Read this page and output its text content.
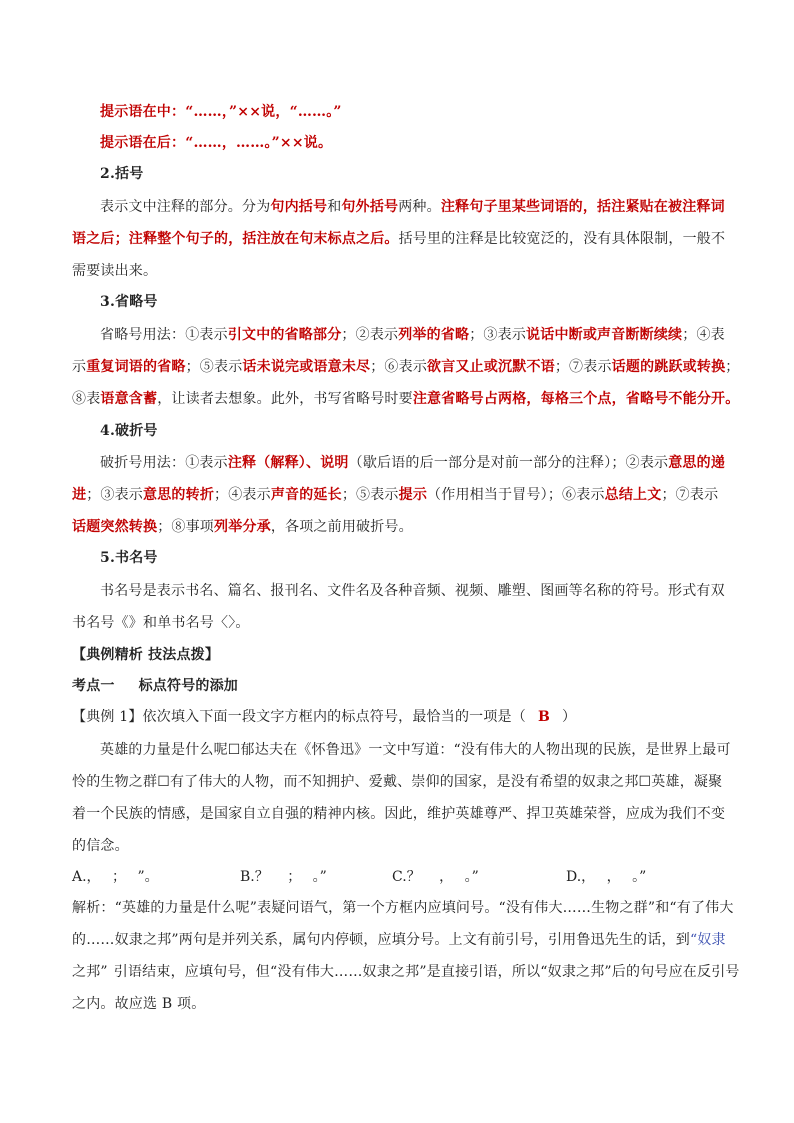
提示语在中：“……，”××说，“……。”
提示语在后：“……，……。”××说。
2.括号
表示文中注释的部分。分为句内括号和句外括号两种。注释句子里某些词语的，括注紧贴在被注释词
语之后；注释整个句子的，括注放在句末标点之后。括号里的注释是比较宽泛的，没有具体限制，一般不
需要读出来。
3.省略号
省略号用法：①表示引文中的省略部分；②表示列举的省略；③表示说话中断或声音断断续续；④表
示重复词语的省略；⑤表示话未说完或语意未尽；⑥表示欲言又止或沉默不语；⑦表示话题的跳跃或转换；
⑧表语意含蓄，让读者去想象。此外，书写省略号时要注意省略号占两格，每格三个点，省略号不能分开。
4.破折号
破折号用法：①表示注释（解释）、说明（歇后语的后一部分是对前一部分的注释）；②表示意思的递
进；③表示意思的转折；④表示声音的延长；⑤表示提示（作用相当于冒号）；⑥表示总结上文；⑦表示
话题突然转换；⑧事项列举分承，各项之前用破折号。
5.书名号
书名号是表示书名、篇名、报刊名、文件名及各种音频、视频、雕塑、图画等名称的符号。形式有双
书名号《》和单书名号〈〉。
【典例精析 技法点拨】
考点一 标点符号的添加
【典例 1】依次填入下面一段文字方框内的标点符号，最恰当的一项是（ B ）
英雄的力量是什么呢☐郁达夫在《怀鲁迅》一文中写道：“没有伟大的人物出现的民族，是世界上最可
怜的生物之群☐有了伟大的人物，而不知拥护、爱戴、崇仰的国家，是没有希望的奴隶之邦☐英雄，凝聚
着一个民族的情感，是国家自立自强的精神内核。因此，维护英雄尊严、捍卫英雄荣誉，应成为我们不变
的信念。
A.，　 ；　 ”。	B.？　 ；　 。”	C.？　 ，　 。”	D.，　 ，　 。”
解析：“英雄的力量是什么呢”表疑问语气，第一个方框内应填问号。“没有伟大……生物之群”和“有了伟大
的……奴隶之邦”两句是并列关系，属句内停顿，应填分号。上文有前引号，引用鲁迅先生的话，到“奴隶
之邦” 引语结束，应填句号，但“没有伟大……奴隶之邦”是直接引语，所以“奴隶之邦”后的句号应在反引号
之内。故应选 B 项。
